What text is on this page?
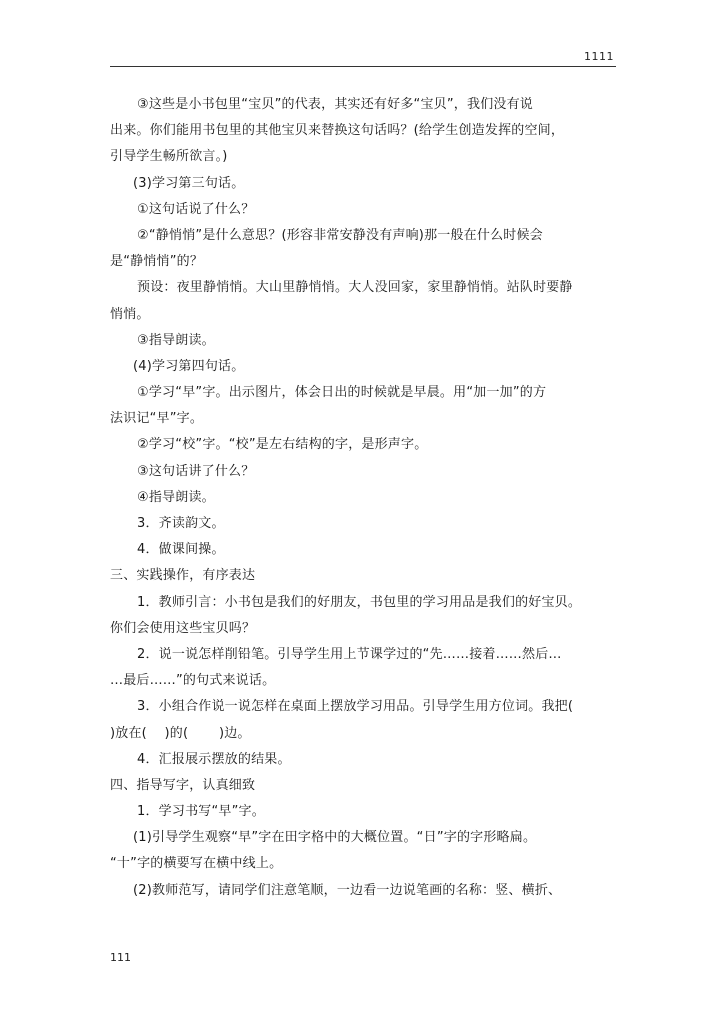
1111
③这些是小书包里“宝贝”的代表，其实还有好多“宝贝”，我们没有说
出来。你们能用书包里的其他宝贝来替换这句话吗？(给学生创造发挥的空间，
引导学生畅所欲言。)
(3)学习第三句话。
①这句话说了什么？
②“静悄悄”是什么意思？(形容非常安静没有声响)那一般在什么时候会
是“静悄悄”的？
预设：夜里静悄悄。大山里静悄悄。大人没回家，家里静悄悄。站队时要静
悄悄。
③指导朗读。
(4)学习第四句话。
①学习“早”字。出示图片，体会日出的时候就是早晨。用“加一加”的方
法识记“早”字。
②学习“校”字。“校”是左右结构的字，是形声字。
③这句话讲了什么？
④指导朗读。
3．齐读韵文。
4．做课间操。
三、实践操作，有序表达
1．教师引言：小书包是我们的好朋友，书包里的学习用品是我们的好宝贝。
你们会使用这些宝贝吗？
2．说一说怎样削铅笔。引导学生用上节课学过的“先……接着……然后…
…最后……”的句式来说话。
3．小组合作说一说怎样在桌面上摆放学习用品。引导学生用方位词。我把(
)放在(　 )的(　　 )边。
4．汇报展示摆放的结果。
四、指导写字，认真细致
1．学习书写“早”字。
(1)引导学生观察“早”字在田字格中的大概位置。“日”字的字形略扁。
“十”字的横要写在横中线上。
(2)教师范写，请同学们注意笔顺，一边看一边说笔画的名称：竖、横折、
111
